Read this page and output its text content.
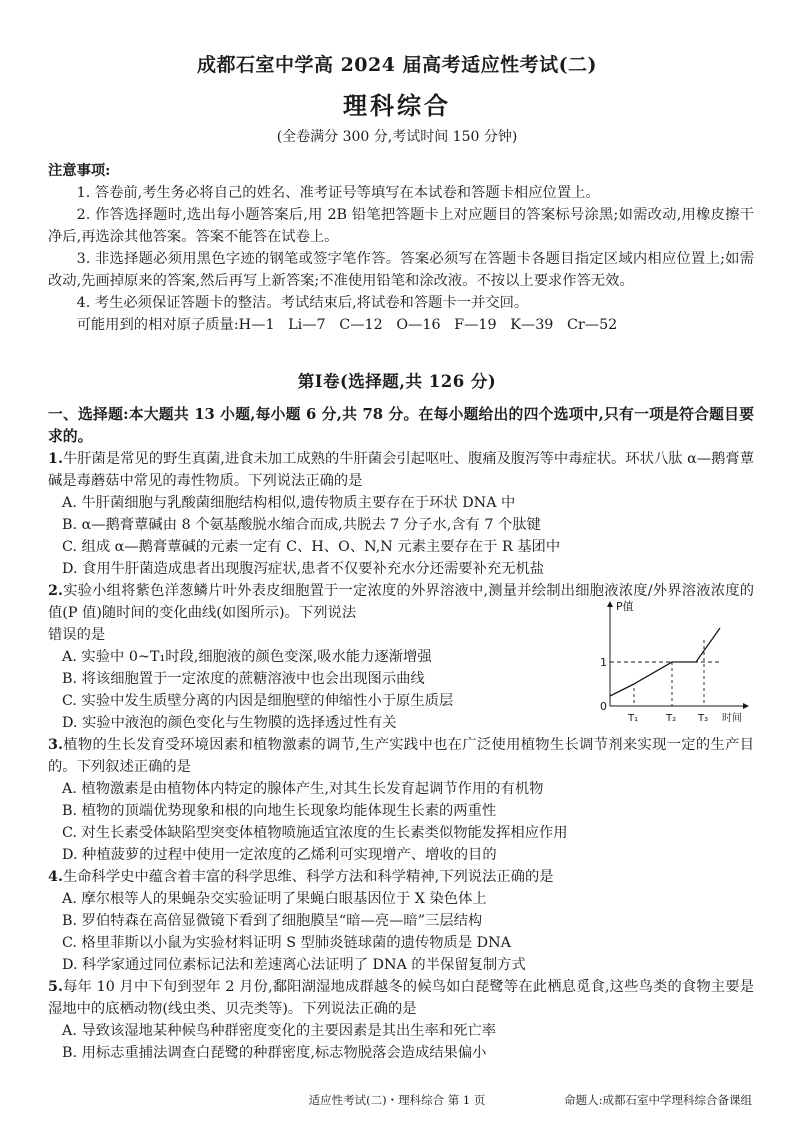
成都石室中学高 2024 届高考适应性考试(二)
理科综合
(全卷满分 300 分,考试时间 150 分钟)
注意事项:
1. 答卷前,考生务必将自己的姓名、准考证号等填写在本试卷和答题卡相应位置上。
2. 作答选择题时,选出每小题答案后,用 2B 铅笔把答题卡上对应题目的答案标号涂黑;如需改动,用橡皮擦干净后,再选涂其他答案。答案不能答在试卷上。
3. 非选择题必须用黑色字迹的钢笔或签字笔作答。答案必须写在答题卡各题目指定区域内相应位置上;如需改动,先画掉原来的答案,然后再写上新答案;不准使用铅笔和涂改液。不按以上要求作答无效。
4. 考生必须保证答题卡的整洁。考试结束后,将试卷和答题卡一并交回。
可能用到的相对原子质量:H—1   Li—7   C—12   O—16   F—19   K—39   Cr—52
第Ⅰ卷(选择题,共 126 分)
一、选择题:本大题共 13 小题,每小题 6 分,共 78 分。在每小题给出的四个选项中,只有一项是符合题目要求的。
1.牛肝菌是常见的野生真菌,进食未加工成熟的牛肝菌会引起呕吐、腹痛及腹泻等中毒症状。环状八肽 α—鹅膏蕈碱是毒蘑菇中常见的毒性物质。下列说法正确的是
A. 牛肝菌细胞与乳酸菌细胞结构相似,遗传物质主要存在于环状 DNA 中
B. α—鹅膏蕈碱由 8 个氨基酸脱水缩合而成,共脱去 7 分子水,含有 7 个肽键
C. 组成 α—鹅膏蕈碱的元素一定有 C、H、O、N,N 元素主要存在于 R 基团中
D. 食用牛肝菌造成患者出现腹泻症状,患者不仅要补充水分还需要补充无机盐
2.实验小组将紫色洋葱鳞片叶外表皮细胞置于一定浓度的外界溶液中,测量并绘制出细胞液浓度/外界溶液浓度的值(P 值)随时间的变化曲线(如图所示)。下列说法
错误的是
A. 实验中 0~T₁时段,细胞液的颜色变深,吸水能力逐渐增强
B. 将该细胞置于一定浓度的蔗糖溶液中也会出现图示曲线
C. 实验中发生质壁分离的内因是细胞壁的伸缩性小于原生质层
D. 实验中液泡的颜色变化与生物膜的选择透过性有关
3.植物的生长发育受环境因素和植物激素的调节,生产实践中也在广泛使用植物生长调节剂来实现一定的生产目的。下列叙述正确的是
A. 植物激素是由植物体内特定的腺体产生,对其生长发育起调节作用的有机物
B. 植物的顶端优势现象和根的向地生长现象均能体现生长素的两重性
C. 对生长素受体缺陷型突变体植物喷施适宜浓度的生长素类似物能发挥相应作用
D. 种植菠萝的过程中使用一定浓度的乙烯利可实现增产、增收的目的
4.生命科学史中蕴含着丰富的科学思维、科学方法和科学精神,下列说法正确的是
A. 摩尔根等人的果蝇杂交实验证明了果蝇白眼基因位于 X 染色体上
B. 罗伯特森在高倍显微镜下看到了细胞膜呈“暗—亮—暗”三层结构
C. 格里菲斯以小鼠为实验材料证明 S 型肺炎链球菌的遗传物质是 DNA
D. 科学家通过同位素标记法和差速离心法证明了 DNA 的半保留复制方式
5.每年 10 月中下旬到翌年 2 月份,鄱阳湖湿地成群越冬的候鸟如白琵鹭等在此栖息觅食,这些鸟类的食物主要是湿地中的底栖动物(线虫类、贝壳类等)。下列说法正确的是
A. 导致该湿地某种候鸟种群密度变化的主要因素是其出生率和死亡率
B. 用标志重捕法调查白琵鹭的种群密度,标志物脱落会造成结果偏小
P值
1
0
T₁	T₂ T₃ 时间
适应性考试(二)・理科综合 第 1 页	命题人:成都石室中学理科综合备课组
